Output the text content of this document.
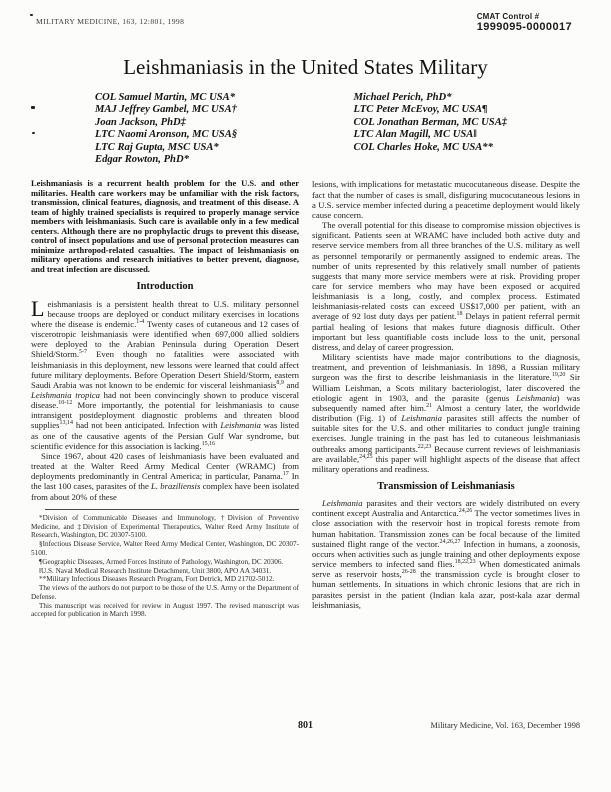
MILITARY MEDICINE, 163, 12:801, 1998
CMAT Control #
1999095-0000017
Leishmaniasis in the United States Military
COL Samuel Martin, MC USA*
MAJ Jeffrey Gambel, MC USA†
Joan Jackson, PhD‡
LTC Naomi Aronson, MC USA§
LTC Raj Gupta, MSC USA*
Edgar Rowton, PhD*
Michael Perich, PhD*
LTC Peter McEvoy, MC USA¶
COL Jonathan Berman, MC USA‡
LTC Alan Magill, MC USA‖
COL Charles Hoke, MC USA**

Leishmaniasis is a recurrent health problem for the U.S. and other militaries. Health care workers may be unfamiliar with the risk factors, transmission, clinical features, diagnosis, and treatment of this disease. A team of highly trained specialists is required to properly manage service members with leishmaniasis. Such care is available only in a few medical centers. Although there are no prophylactic drugs to prevent this disease, control of insect populations and use of personal protection measures can minimize arthropod-related casualties. The impact of leishmaniasis on military operations and research initiatives to better prevent, diagnose, and treat infection are discussed.

Introduction

Leishmaniasis is a persistent health threat to U.S. military personnel because troops are deployed or conduct military exercises in locations where the disease is endemic.$^{1-4}$ Twenty cases of cutaneous and 12 cases of viscerotropic leishmaniasis were identified when 697,000 allied soldiers were deployed to the Arabian Peninsula during Operation Desert Shield/Storm.$^{5-7}$ Even though no fatalities were associated with leishmaniasis in this deployment, new lessons were learned that could affect future military deployments. Before Operation Desert Shield/Storm, eastern Saudi Arabia was not known to be endemic for visceral leishmaniasis$^{8,9}$ and Leishmania tropica had not been convincingly shown to produce visceral disease.$^{10-12}$ More importantly, the potential for leishmaniasis to cause intransigent postdeployment diagnostic problems and threaten blood supplies$^{13,14}$ had not been anticipated. Infection with Leishmania was listed as one of the causative agents of the Persian Gulf War syndrome, but scientific evidence for this association is lacking.$^{15,16}$

Since 1967, about 420 cases of leishmaniasis have been evaluated and treated at the Walter Reed Army Medical Center (WRAMC) from deployments predominantly in Central America; in particular, Panama.$^{17}$ In the last 100 cases, parasites of the L. braziliensis complex have been isolated from about 20% of these

*Division of Communicable Diseases and Immunology, †Division of Preventive Medicine, and ‡Division of Experimental Therapeutics, Walter Reed Army Institute of Research, Washington, DC 20307-5100.

§Infectious Disease Service, Walter Reed Army Medical Center, Washington, DC 20307-5100.

¶Geographic Diseases, Armed Forces Institute of Pathology, Washington, DC 20306.

‖U.S. Naval Medical Research Institute Detachment, Unit 3800, APO AA 34031.

**Military Infectious Diseases Research Program, Fort Detrick, MD 21702-5012.

The views of the authors do not purport to be those of the U.S. Army or the Department of Defense.

This manuscript was received for review in August 1997. The revised manuscript was accepted for publication in March 1998.

lesions, with implications for metastatic mucocutaneous disease. Despite the fact that the number of cases is small, disfiguring mucocutaneous lesions in a U.S. service member infected during a peacetime deployment would likely cause concern.

The overall potential for this disease to compromise mission objectives is significant. Patients seen at WRAMC have included both active duty and reserve service members from all three branches of the U.S. military as well as personnel temporarily or permanently assigned to endemic areas. The number of units represented by this relatively small number of patients suggests that many more service members were at risk. Providing proper care for service members who may have been exposed or acquired leishmaniasis is a long, costly, and complex process. Estimated leishmaniasis-related costs can exceed US$17,000 per patient, with an average of 92 lost duty days per patient.$^{18}$ Delays in patient referral permit partial healing of lesions that makes future diagnosis difficult. Other important but less quantifiable costs include loss to the unit, personal distress, and delay of career progression.

Military scientists have made major contributions to the diagnosis, treatment, and prevention of leishmaniasis. In 1898, a Russian military surgeon was the first to describe leishmaniasis in the literature.$^{19,20}$ Sir William Leishman, a Scots military bacteriologist, later discovered the etiologic agent in 1903, and the parasite (genus Leishmania) was subsequently named after him.$^{21}$ Almost a century later, the worldwide distribution (Fig. 1) of Leishmania parasites still affects the number of suitable sites for the U.S. and other militaries to conduct jungle training exercises. Jungle training in the past has led to cutaneous leishmaniasis outbreaks among participants.$^{22,23}$ Because current reviews of leishmaniasis are available,$^{24,25}$ this paper will highlight aspects of the disease that affect military operations and readiness.

Transmission of Leishmaniasis

Leishmania parasites and their vectors are widely distributed on every continent except Australia and Antarctica.$^{24,26}$ The vector sometimes lives in close association with the reservoir host in tropical forests remote from human habitation. Transmission zones can be focal because of the limited sustained flight range of the vector.$^{24,26,27}$ Infection in humans, a zoonosis, occurs when activities such as jungle training and other deployments expose service members to infected sand flies.$^{18,22,23}$ When domesticated animals serve as reservoir hosts,$^{26-28}$ the transmission cycle is brought closer to human settlements. In situations in which chronic lesions that are rich in parasites persist in the patient (Indian kala azar, post-kala azar dermal leishmaniasis,

801	Military Medicine, Vol. 163, December 1998
